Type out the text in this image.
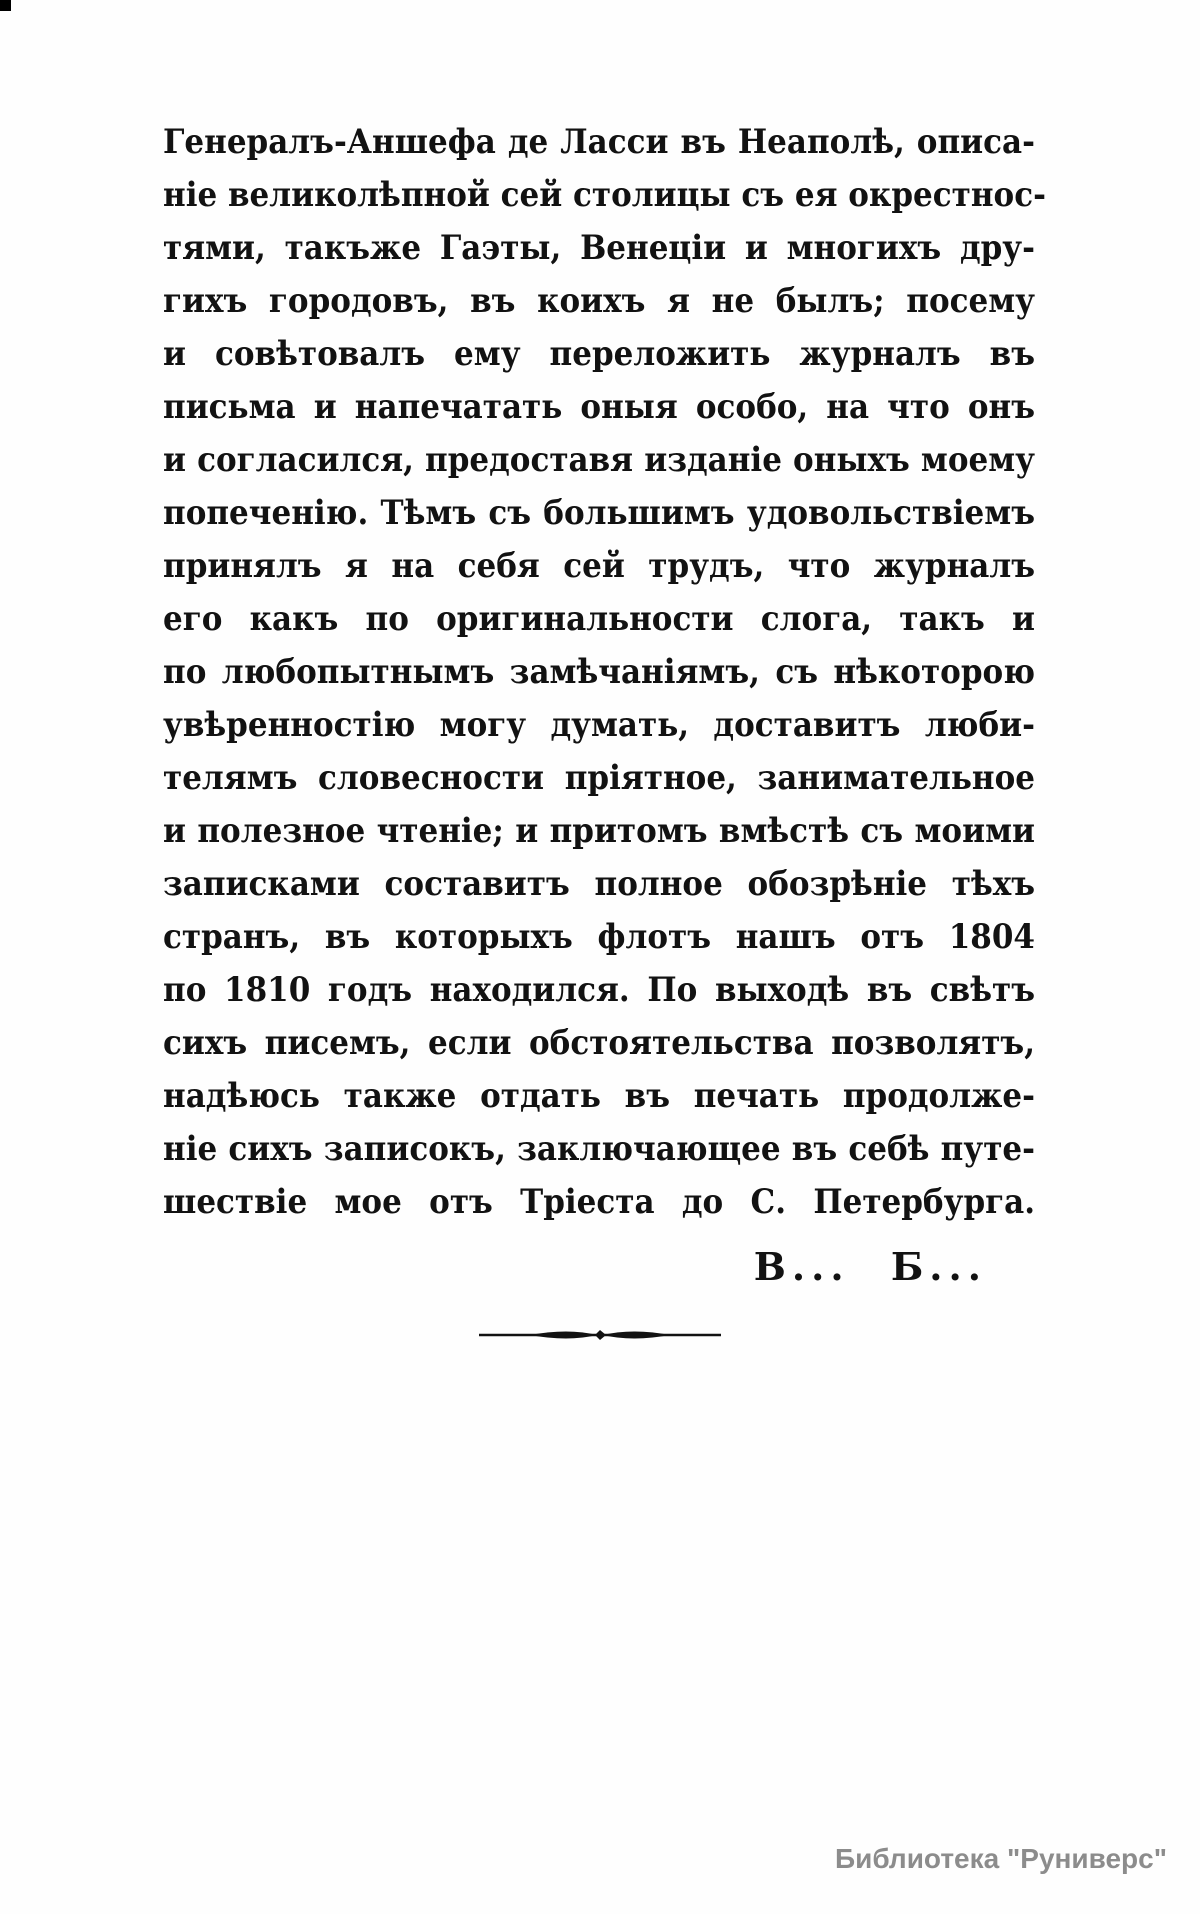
Генералъ-Аншефа де Ласси въ Неаполѣ, описа-
ніе великолѣпной сей столицы съ ея окрестнос-
тями, такъже Гаэты, Венеціи и многихъ дру-
гихъ городовъ, въ коихъ я не былъ; посему
и совѣтовалъ ему переложить журналъ въ
письма и напечатать оныя особо, на что онъ
и согласился, предоставя изданіе оныхъ моему
попеченію. Тѣмъ съ большимъ удовольствіемъ
принялъ я на себя сей трудъ, что журналъ
его какъ по оригинальности слога, такъ и
по любопытнымъ замѣчаніямъ, съ нѣкоторою
увѣренностію могу думать, доставитъ люби-
телямъ словесности пріятное, занимательное
и полезное чтеніе; и притомъ вмѣстѣ съ моими
записками составитъ полное обозрѣніе тѣхъ
странъ, въ которыхъ флотъ нашъ отъ 1804
по 1810 годъ находился. По выходѣ въ свѣтъ
сихъ писемъ, если обстоятельства позволятъ,
надѣюсь также отдать въ печать продолже-
ніе сихъ записокъ, заключающее въ себѣ путе-
шествіе мое отъ Тріеста до С. Петербурга.
В... Б...
Библиотека "Руниверс"
